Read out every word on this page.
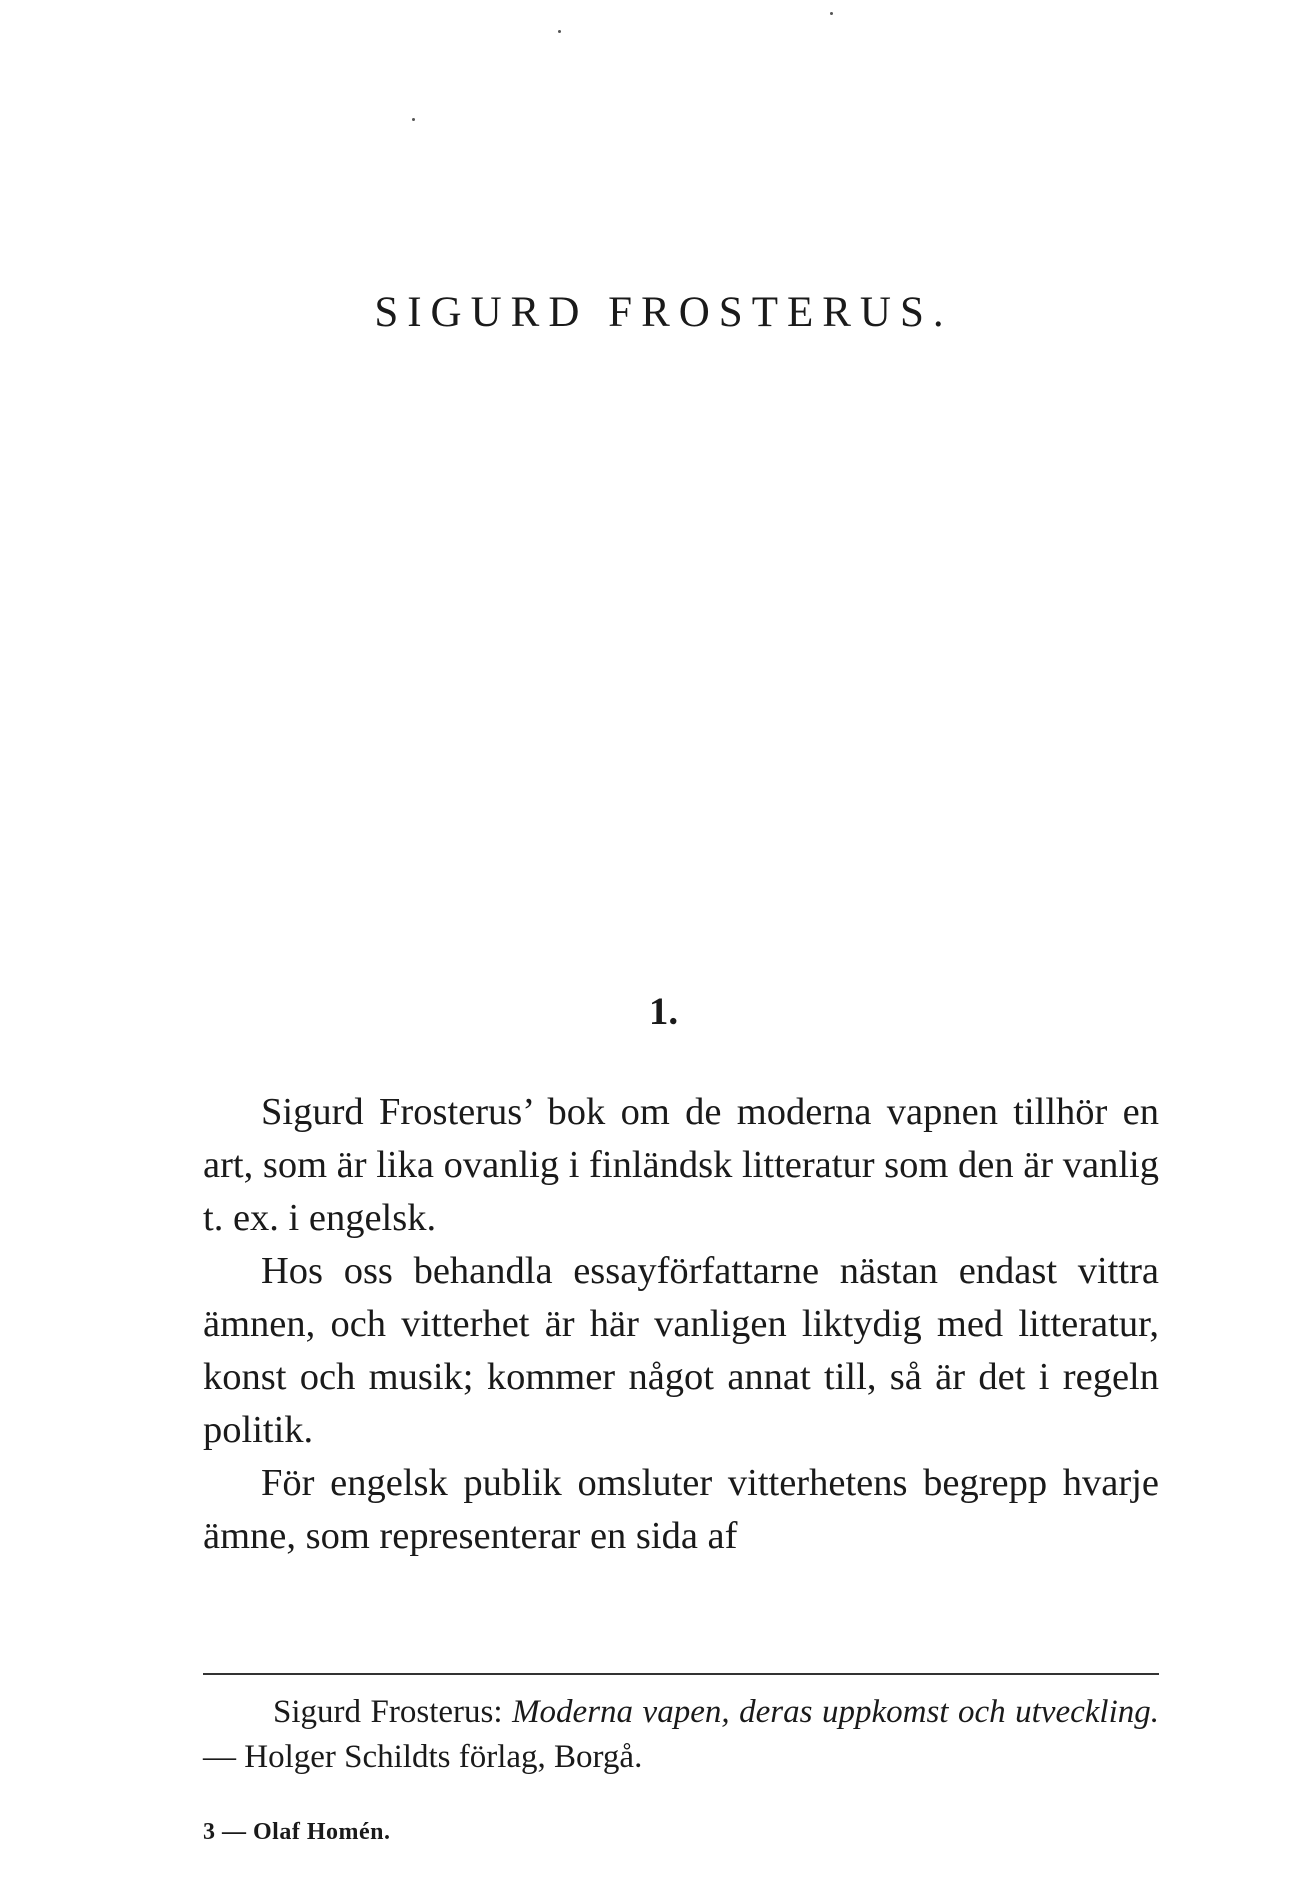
SIGURD FROSTERUS.
1.

Sigurd Frosterus’ bok om de moderna vapnen tillhör en art, som är lika ovanlig i finländsk litteratur som den är vanlig t. ex. i engelsk.

Hos oss behandla essayförfattarne nästan endast vittra ämnen, och vitterhet är här vanligen liktydig med litteratur, konst och musik; kommer något annat till, så är det i regeln politik.

För engelsk publik omsluter vitterhetens begrepp hvarje ämne, som representerar en sida af

Sigurd Frosterus: Moderna vapen, deras uppkomst och utveckling. — Holger Schildts förlag, Borgå.

3 — Olaf Homén.
